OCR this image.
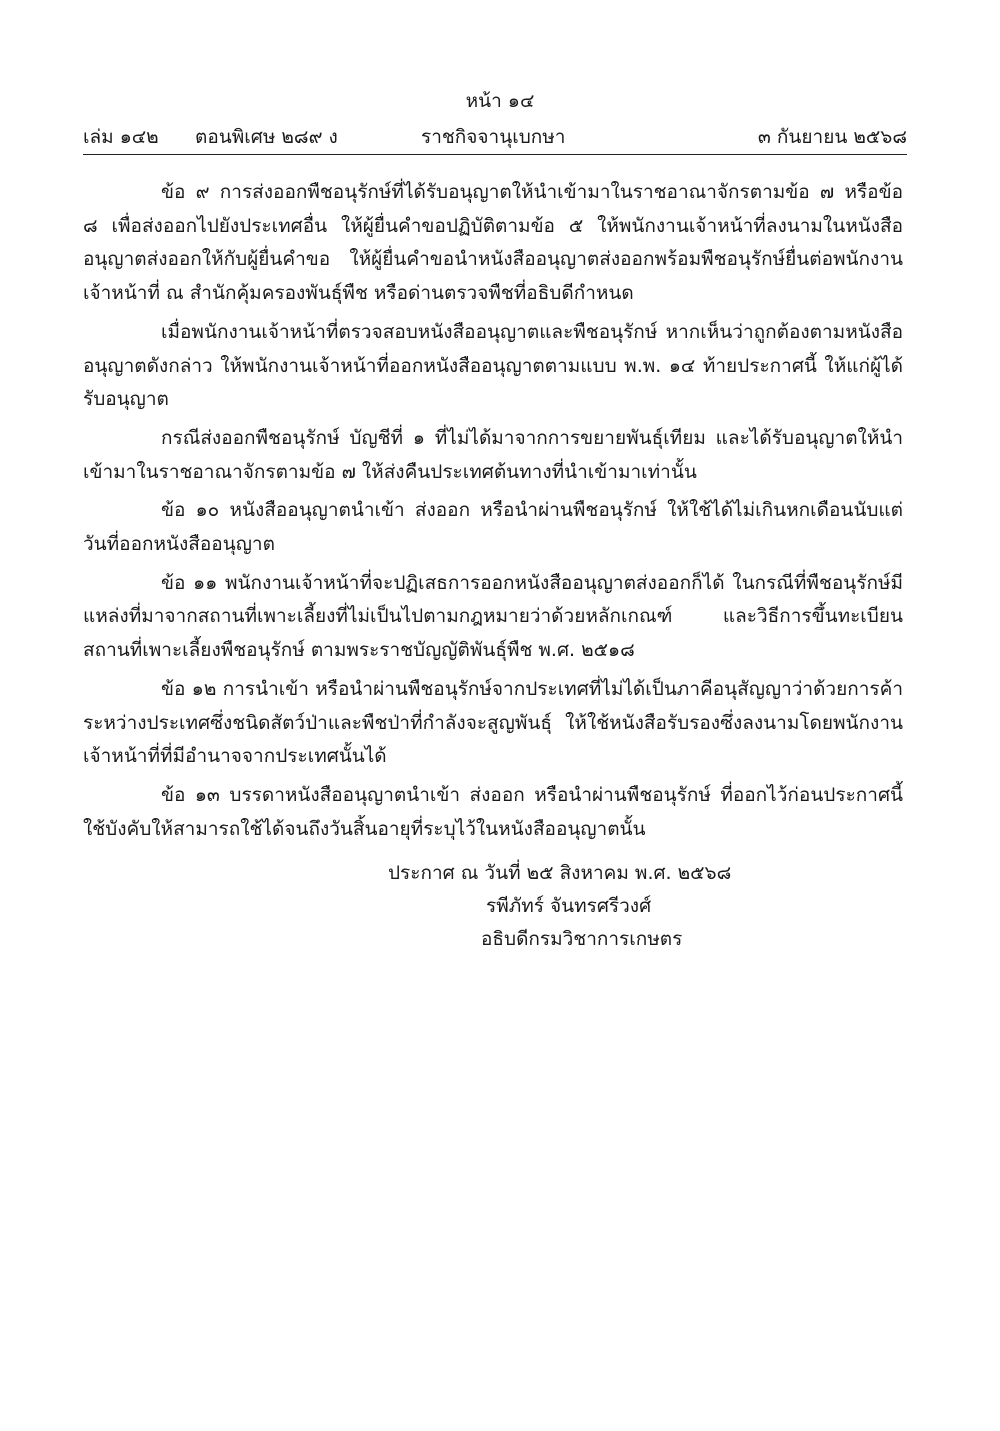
หน้า ๑๔
เล่ม ๑๔๒ ตอนพิเศษ ๒๘๙ ง	ราชกิจจานุเบกษา	๓ กันยายน ๒๕๖๘

ข้อ ๙ การส่งออกพืชอนุรักษ์ที่ได้รับอนุญาตให้นำเข้ามาในราชอาณาจักรตามข้อ ๗ หรือข้อ ๘ เพื่อส่งออกไปยังประเทศอื่น ให้ผู้ยื่นคำขอปฏิบัติตามข้อ ๕ ให้พนักงานเจ้าหน้าที่ลงนามในหนังสืออนุญาตส่งออกให้กับผู้ยื่นคำขอ ให้ผู้ยื่นคำขอนำหนังสืออนุญาตส่งออกพร้อมพืชอนุรักษ์ยื่นต่อพนักงานเจ้าหน้าที่ ณ สำนักคุ้มครองพันธุ์พืช หรือด่านตรวจพืชที่อธิบดีกำหนด

เมื่อพนักงานเจ้าหน้าที่ตรวจสอบหนังสืออนุญาตและพืชอนุรักษ์ หากเห็นว่าถูกต้องตามหนังสืออนุญาตดังกล่าว ให้พนักงานเจ้าหน้าที่ออกหนังสืออนุญาตตามแบบ พ.พ. ๑๔ ท้ายประกาศนี้ ให้แก่ผู้ได้รับอนุญาต

กรณีส่งออกพืชอนุรักษ์ บัญชีที่ ๑ ที่ไม่ได้มาจากการขยายพันธุ์เทียม และได้รับอนุญาตให้นำเข้ามาในราชอาณาจักรตามข้อ ๗ ให้ส่งคืนประเทศต้นทางที่นำเข้ามาเท่านั้น

ข้อ ๑๐ หนังสืออนุญาตนำเข้า ส่งออก หรือนำผ่านพืชอนุรักษ์ ให้ใช้ได้ไม่เกินหกเดือนนับแต่วันที่ออกหนังสืออนุญาต

ข้อ ๑๑ พนักงานเจ้าหน้าที่จะปฏิเสธการออกหนังสืออนุญาตส่งออกก็ได้ ในกรณีที่พืชอนุรักษ์มีแหล่งที่มาจากสถานที่เพาะเลี้ยงที่ไม่เป็นไปตามกฎหมายว่าด้วยหลักเกณฑ์ และวิธีการขึ้นทะเบียนสถานที่เพาะเลี้ยงพืชอนุรักษ์ ตามพระราชบัญญัติพันธุ์พืช พ.ศ. ๒๕๑๘

ข้อ ๑๒ การนำเข้า หรือนำผ่านพืชอนุรักษ์จากประเทศที่ไม่ได้เป็นภาคีอนุสัญญาว่าด้วยการค้าระหว่างประเทศซึ่งชนิดสัตว์ป่าและพืชป่าที่กำลังจะสูญพันธุ์ ให้ใช้หนังสือรับรองซึ่งลงนามโดยพนักงานเจ้าหน้าที่ที่มีอำนาจจากประเทศนั้นได้

ข้อ ๑๓ บรรดาหนังสืออนุญาตนำเข้า ส่งออก หรือนำผ่านพืชอนุรักษ์ ที่ออกไว้ก่อนประกาศนี้ใช้บังคับให้สามารถใช้ได้จนถึงวันสิ้นอายุที่ระบุไว้ในหนังสืออนุญาตนั้น

ประกาศ ณ วันที่ ๒๕ สิงหาคม พ.ศ. ๒๕๖๘
รพีภัทร์ จันทรศรีวงศ์
อธิบดีกรมวิชาการเกษตร
